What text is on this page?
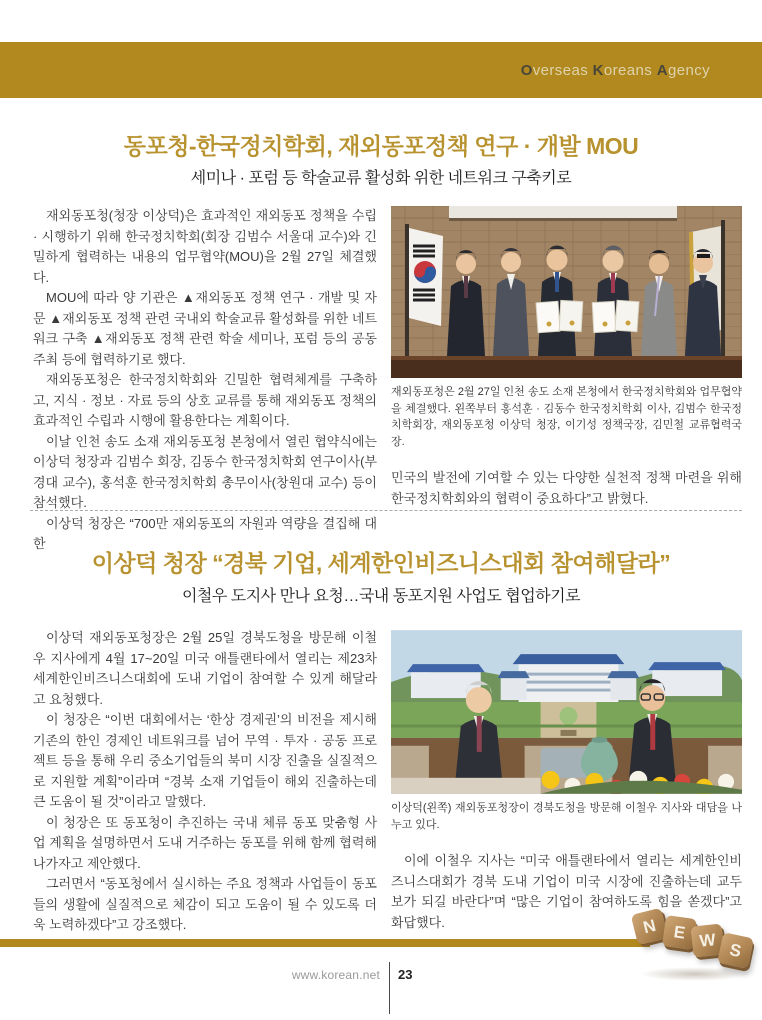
Overseas Koreans Agency
동포청-한국정치학회, 재외동포정책 연구 · 개발 MOU
세미나 · 포럼 등 학술교류 활성화 위한 네트워크 구축키로

재외동포청(청장 이상덕)은 효과적인 재외동포 정책을 수립 · 시행하기 위해 한국정치학회(회장 김범수 서울대 교수)와 긴밀하게 협력하는 내용의 업무협약(MOU)을 2월 27일 체결했다.

MOU에 따라 양 기관은 ▲재외동포 정책 연구 · 개발 및 자문 ▲재외동포 정책 관련 국내외 학술교류 활성화를 위한 네트워크 구축 ▲재외동포 정책 관련 학술 세미나, 포럼 등의 공동 주최 등에 협력하기로 했다.

재외동포청은 한국정치학회와 긴밀한 협력체계를 구축하고, 지식 · 정보 · 자료 등의 상호 교류를 통해 재외동포 정책의 효과적인 수립과 시행에 활용한다는 계획이다.

이날 인천 송도 소재 재외동포청 본청에서 열린 협약식에는 이상덕 청장과 김범수 회장, 김동수 한국정치학회 연구이사(부경대 교수), 홍석훈 한국정치학회 총무이사(창원대 교수) 등이 참석했다.

이상덕 청장은 “700만 재외동포의 자원과 역량을 결집해 대한

재외동포청은 2월 27일 인천 송도 소재 본청에서 한국정치학회와 업무협약을 체결했다. 왼쪽부터 홍석훈 · 김동수 한국정치학회 이사, 김범수 한국정치학회장, 재외동포청 이상덕 청장, 이기성 정책국장, 김민철 교류협력국장.

민국의 발전에 기여할 수 있는 다양한 실천적 정책 마련을 위해 한국정치학회와의 협력이 중요하다”고 밝혔다.

이상덕 청장 “경북 기업, 세계한인비즈니스대회 참여해달라”
이철우 도지사 만나 요청…국내 동포지원 사업도 협업하기로

이상덕 재외동포청장은 2월 25일 경북도청을 방문해 이철우 지사에게 4월 17~20일 미국 애틀랜타에서 열리는 제23차 세계한인비즈니스대회에 도내 기업이 참여할 수 있게 해달라고 요청했다.

이 청장은 “이번 대회에서는 ‘한상 경제권’의 비전을 제시해 기존의 한인 경제인 네트워크를 넘어 무역 · 투자 · 공동 프로젝트 등을 통해 우리 중소기업들의 북미 시장 진출을 실질적으로 지원할 계획”이라며 “경북 소재 기업들이 해외 진출하는데 큰 도움이 될 것”이라고 말했다.

이 청장은 또 동포청이 추진하는 국내 체류 동포 맞춤형 사업 계획을 설명하면서 도내 거주하는 동포를 위해 함께 협력해 나가자고 제안했다.

그러면서 “동포청에서 실시하는 주요 정책과 사업들이 동포들의 생활에 실질적으로 체감이 되고 도움이 될 수 있도록 더욱 노력하겠다”고 강조했다.

이상덕(왼쪽) 재외동포청장이 경북도청을 방문해 이철우 지사와 대담을 나누고 있다.

이에 이철우 지사는 “미국 애틀랜타에서 열리는 세계한인비즈니스대회가 경북 도내 기업이 미국 시장에 진출하는데 교두보가 되길 바란다”며 “많은 기업이 참여하도록 힘을 쏟겠다”고 화답했다.	N E W S
www.korean.net 23
